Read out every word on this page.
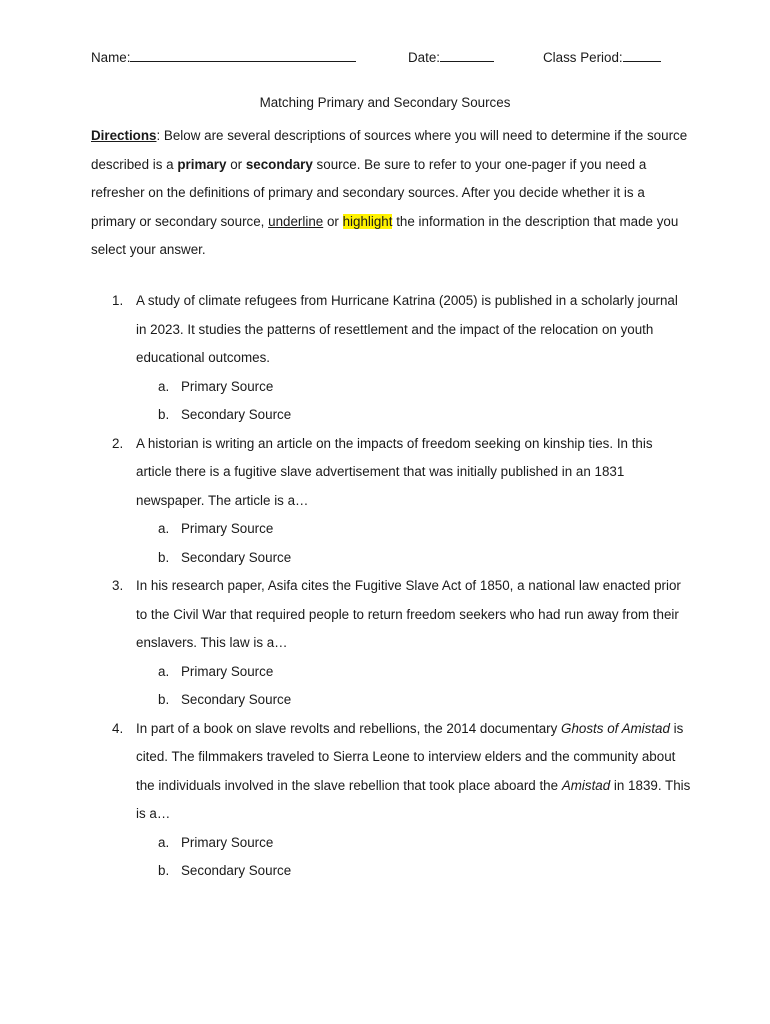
Name:	Date:	Class Period:
Matching Primary and Secondary Sources
Directions: Below are several descriptions of sources where you will need to determine if the source described is a primary or secondary source. Be sure to refer to your one-pager if you need a refresher on the definitions of primary and secondary sources. After you decide whether it is a primary or secondary source, underline or highlight the information in the description that made you select your answer.
1. A study of climate refugees from Hurricane Katrina (2005) is published in a scholarly journal in 2023. It studies the patterns of resettlement and the impact of the relocation on youth educational outcomes.
a. Primary Source
b. Secondary Source
2. A historian is writing an article on the impacts of freedom seeking on kinship ties. In this article there is a fugitive slave advertisement that was initially published in an 1831 newspaper. The article is a…
a. Primary Source
b. Secondary Source
3. In his research paper, Asifa cites the Fugitive Slave Act of 1850, a national law enacted prior to the Civil War that required people to return freedom seekers who had run away from their enslavers. This law is a…
a. Primary Source
b. Secondary Source
4. In part of a book on slave revolts and rebellions, the 2014 documentary Ghosts of Amistad is cited. The filmmakers traveled to Sierra Leone to interview elders and the community about the individuals involved in the slave rebellion that took place aboard the Amistad in 1839. This is a…
a. Primary Source
b. Secondary Source
